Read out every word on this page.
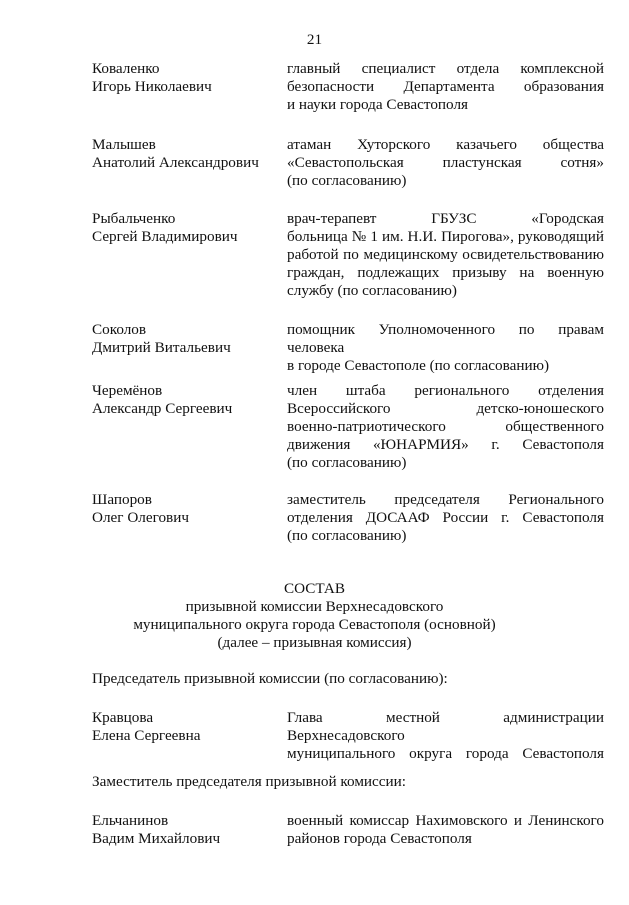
21
Коваленко
Игорь Николаевич
главный специалист отдела комплексной
безопасности Департамента образования
и науки города Севастополя
Малышев
Анатолий Александрович
атаман Хуторского казачьего общества
«Севастопольская пластунская сотня»
(по согласованию)
Рыбальченко
Сергей Владимирович
врач-терапевт ГБУЗС «Городская
больница № 1 им. Н.И. Пирогова», руководящий
работой по медицинскому освидетельствованию
граждан, подлежащих призыву на военную
службу (по согласованию)
Соколов
Дмитрий Витальевич
помощник Уполномоченного по правам человека
в городе Севастополе (по согласованию)
Черемёнов
Александр Сергеевич
член штаба регионального отделения
Всероссийского детско-юношеского
военно-патриотического общественного
движения «ЮНАРМИЯ» г. Севастополя
(по согласованию)
Шапоров
Олег Олегович
заместитель председателя Регионального
отделения ДОСААФ России г. Севастополя
(по согласованию)
СОСТАВ
призывной комиссии Верхнесадовского
муниципального округа города Севастополя (основной)
(далее – призывная комиссия)
Председатель призывной комиссии (по согласованию):
Кравцова
Елена Сергеевна
Глава местной администрации Верхнесадовского
муниципального округа города Севастополя
Заместитель председателя призывной комиссии:
Ельчанинов
Вадим Михайлович
военный комиссар Нахимовского и Ленинского
районов города Севастополя
